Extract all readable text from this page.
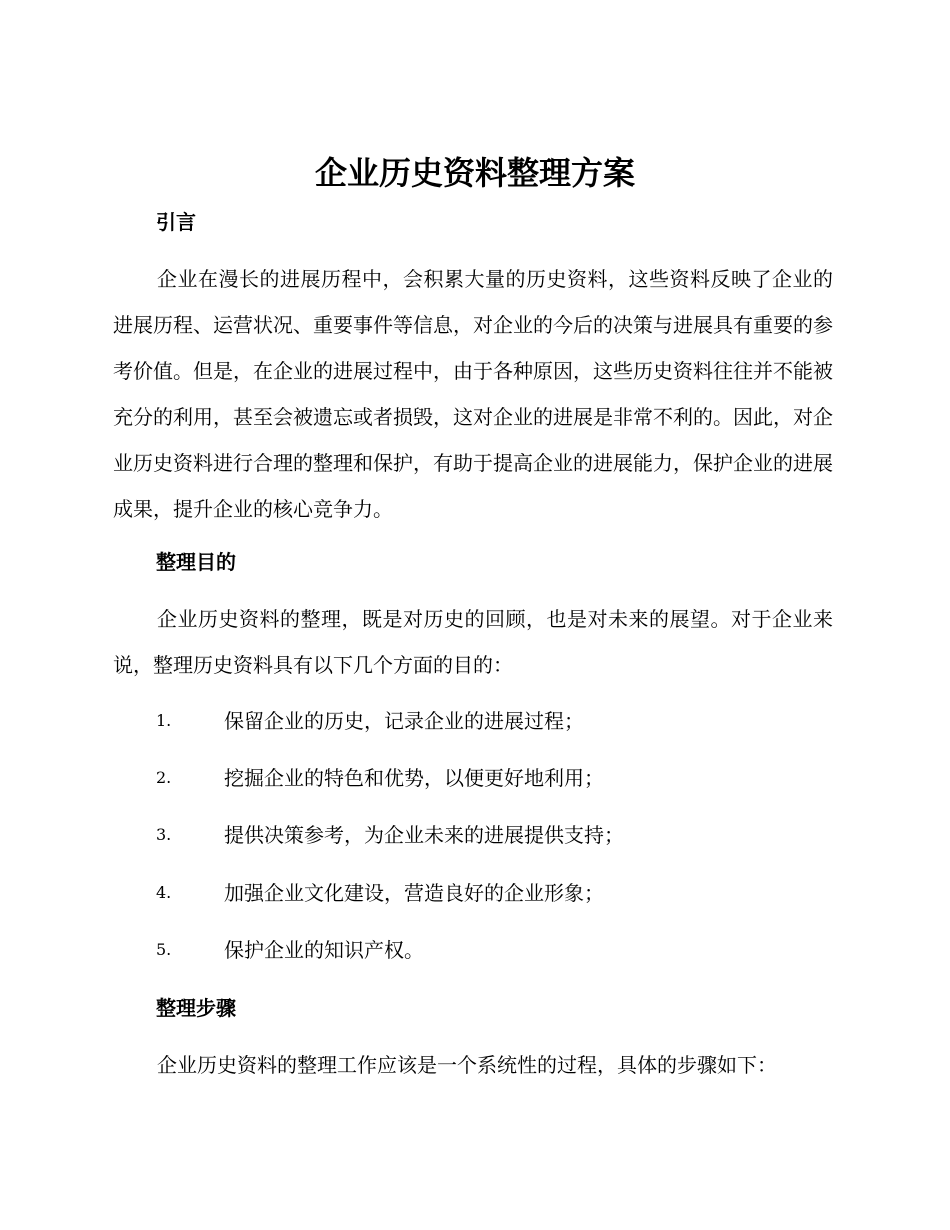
企业历史资料整理方案
引言

企业在漫长的进展历程中，会积累大量的历史资料，这些资料反映了企业的进展历程、运营状况、重要事件等信息，对企业的今后的决策与进展具有重要的参考价值。但是，在企业的进展过程中，由于各种原因，这些历史资料往往并不能被充分的利用，甚至会被遗忘或者损毁，这对企业的进展是非常不利的。因此，对企业历史资料进行合理的整理和保护，有助于提高企业的进展能力，保护企业的进展成果，提升企业的核心竞争力。

整理目的

企业历史资料的整理，既是对历史的回顾，也是对未来的展望。对于企业来说，整理历史资料具有以下几个方面的目的：

1.	保留企业的历史，记录企业的进展过程；
2.	挖掘企业的特色和优势，以便更好地利用；
3.	提供决策参考，为企业未来的进展提供支持；
4.	加强企业文化建设，营造良好的企业形象；
5.	保护企业的知识产权。
整理步骤

企业历史资料的整理工作应该是一个系统性的过程，具体的步骤如下：
